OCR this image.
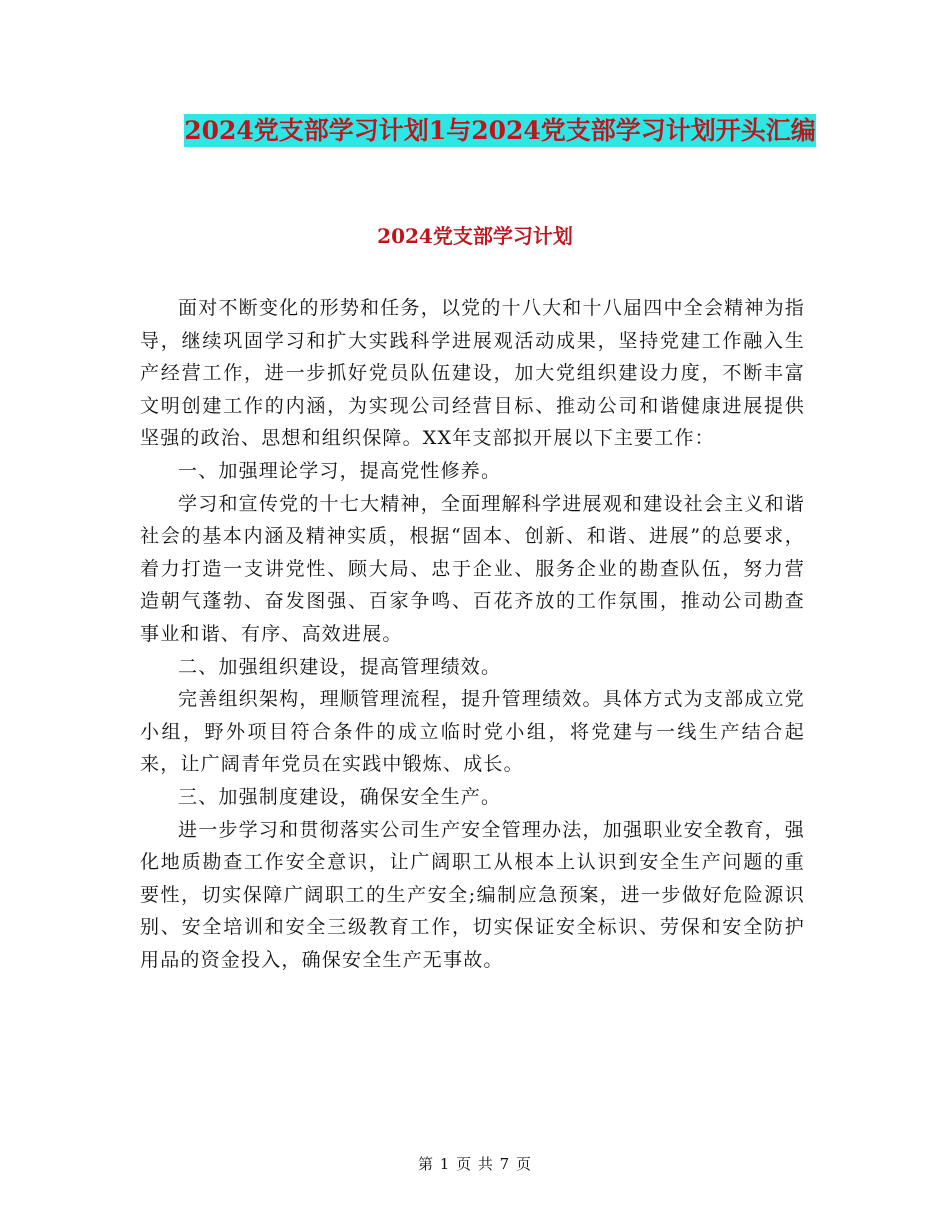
2024党支部学习计划1与2024党支部学习计划开头汇编
2024党支部学习计划

面对不断变化的形势和任务，以党的十八大和十八届四中全会精神为指导，继续巩固学习和扩大实践科学进展观活动成果，坚持党建工作融入生产经营工作，进一步抓好党员队伍建设，加大党组织建设力度，不断丰富文明创建工作的内涵，为实现公司经营目标、推动公司和谐健康进展提供坚强的政治、思想和组织保障。XX年支部拟开展以下主要工作：

一、加强理论学习，提高党性修养。

学习和宣传党的十七大精神，全面理解科学进展观和建设社会主义和谐社会的基本内涵及精神实质，根据“固本、创新、和谐、进展”的总要求，着力打造一支讲党性、顾大局、忠于企业、服务企业的勘查队伍，努力营造朝气蓬勃、奋发图强、百家争鸣、百花齐放的工作氛围，推动公司勘查事业和谐、有序、高效进展。

二、加强组织建设，提高管理绩效。

完善组织架构，理顺管理流程，提升管理绩效。具体方式为支部成立党小组，野外项目符合条件的成立临时党小组，将党建与一线生产结合起来，让广阔青年党员在实践中锻炼、成长。

三、加强制度建设，确保安全生产。

进一步学习和贯彻落实公司生产安全管理办法，加强职业安全教育，强化地质勘查工作安全意识，让广阔职工从根本上认识到安全生产问题的重要性，切实保障广阔职工的生产安全;编制应急预案，进一步做好危险源识别、安全培训和安全三级教育工作，切实保证安全标识、劳保和安全防护用品的资金投入，确保安全生产无事故。

第 1 页 共 7 页
